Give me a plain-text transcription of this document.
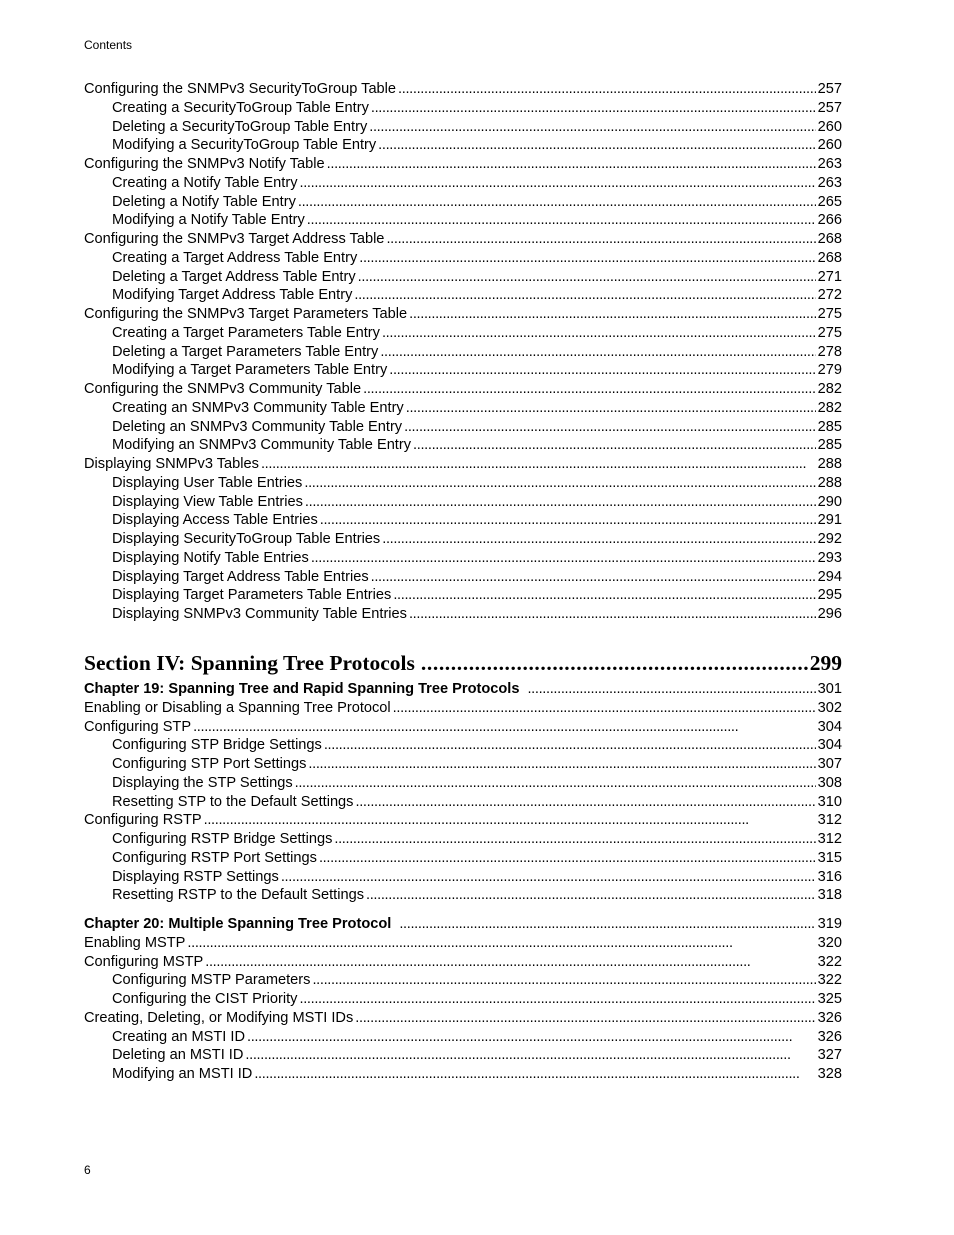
Contents
Configuring the SNMPv3 SecurityToGroup Table . . .	257
Creating a SecurityToGroup Table Entry . . .	257
Deleting a SecurityToGroup Table Entry . . .	260
Modifying a SecurityToGroup Table Entry . . .	260
Configuring the SNMPv3 Notify Table . . .	263
Creating a Notify Table Entry . . .	263
Deleting a Notify Table Entry . . .	265
Modifying a Notify Table Entry . . .	266
Configuring the SNMPv3 Target Address Table . . .	268
Creating a Target Address Table Entry . . .	268
Deleting a Target Address Table Entry . . .	271
Modifying Target Address Table Entry . . .	272
Configuring the SNMPv3 Target Parameters Table . . .	275
Creating a Target Parameters Table Entry . . .	275
Deleting a Target Parameters Table Entry . . .	278
Modifying a Target Parameters Table Entry . . .	279
Configuring the SNMPv3 Community Table . . .	282
Creating an SNMPv3 Community Table Entry . . .	282
Deleting an SNMPv3 Community Table Entry . . .	285
Modifying an SNMPv3 Community Table Entry . . .	285
Displaying SNMPv3 Tables . . .	288
Displaying User Table Entries . . .	288
Displaying View Table Entries . . .	290
Displaying Access Table Entries . . .	291
Displaying SecurityToGroup Table Entries . . .	292
Displaying Notify Table Entries . . .	293
Displaying Target Address Table Entries . . .	294
Displaying Target Parameters Table Entries . . .	295
Displaying SNMPv3 Community Table Entries . . .	296
Section IV: Spanning Tree Protocols .....	299
Chapter 19: Spanning Tree and Rapid Spanning Tree Protocols . . .	301
Enabling or Disabling a Spanning Tree Protocol . . .	302
Configuring STP . . .	304
Configuring STP Bridge Settings . . .	304
Configuring STP Port Settings . . .	307
Displaying the STP Settings . . .	308
Resetting STP to the Default Settings . . .	310
Configuring RSTP . . .	312
Configuring RSTP Bridge Settings . . .	312
Configuring RSTP Port Settings . . .	315
Displaying RSTP Settings . . .	316
Resetting RSTP to the Default Settings . . .	318
Chapter 20: Multiple Spanning Tree Protocol . . .	319
Enabling MSTP . . .	320
Configuring MSTP . . .	322
Configuring MSTP Parameters . . .	322
Configuring the CIST Priority . . .	325
Creating, Deleting, or Modifying MSTI IDs . . .	326
Creating an MSTI ID . . .	326
Deleting an MSTI ID . . .	327
Modifying an MSTI ID . . .	328
6
